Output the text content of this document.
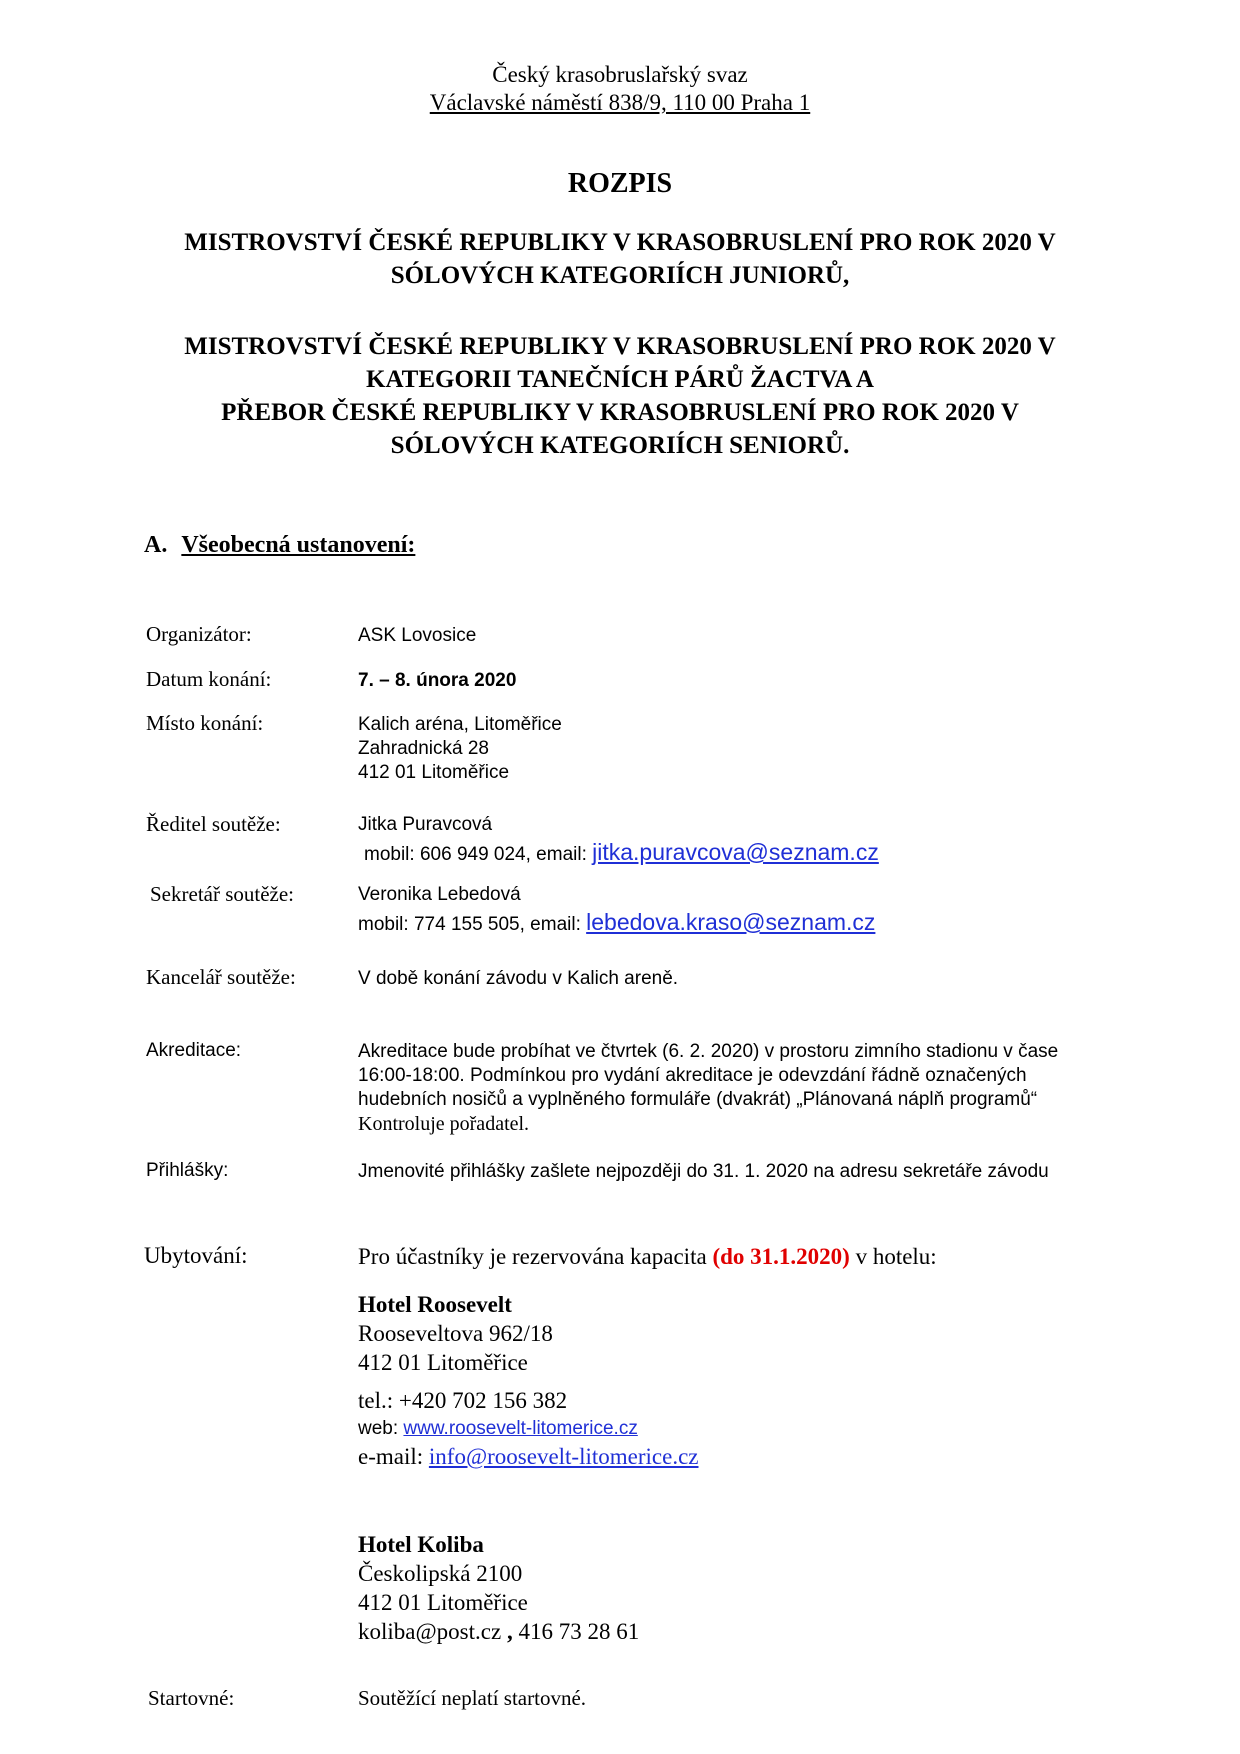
Český krasobruslařský svaz
Václavské náměstí 838/9, 110 00 Praha 1
ROZPIS
MISTROVSTVÍ ČESKÉ REPUBLIKY V KRASOBRUSLENÍ PRO ROK 2020 V
SÓLOVÝCH KATEGORIÍCH JUNIORŮ,
MISTROVSTVÍ ČESKÉ REPUBLIKY V KRASOBRUSLENÍ PRO ROK 2020 V
KATEGORII TANEČNÍCH PÁRŮ ŽACTVA A
PŘEBOR ČESKÉ REPUBLIKY V KRASOBRUSLENÍ PRO ROK 2020 V
SÓLOVÝCH KATEGORIÍCH SENIORŮ.
A. Všeobecná ustanovení:
Organizátor:	ASK Lovosice
Datum konání:	7. – 8. února 2020
Místo konání:	Kalich aréna, Litoměřice
Zahradnická 28
412 01 Litoměřice
Ředitel soutěže:	Jitka Puravcová
mobil: 606 949 024, email: jitka.puravcova@seznam.cz
Sekretář soutěže:	Veronika Lebedová
mobil: 774 155 505, email: lebedova.kraso@seznam.cz
Kancelář soutěže:	V době konání závodu v Kalich areně.
Akreditace:	Akreditace bude probíhat ve čtvrtek (6. 2. 2020) v prostoru zimního stadionu v čase
16:00-18:00. Podmínkou pro vydání akreditace je odevzdání řádně označených
hudebních nosičů a vyplněného formuláře (dvakrát) „Plánovaná náplň programů“
Kontroluje pořadatel.
Přihlášky:	Jmenovité přihlášky zašlete nejpozději do 31. 1. 2020 na adresu sekretáře závodu
Ubytování:	Pro účastníky je rezervována kapacita (do 31.1.2020) v hotelu:
Hotel Roosevelt
Rooseveltova 962/18
412 01 Litoměřice
tel.: +420 702 156 382
web: www.roosevelt-litomerice.cz
e-mail: info@roosevelt-litomerice.cz
Hotel Koliba
Českolipská 2100
412 01 Litoměřice
koliba@post.cz , 416 73 28 61
Startovné:	Soutěžící neplatí startovné.
